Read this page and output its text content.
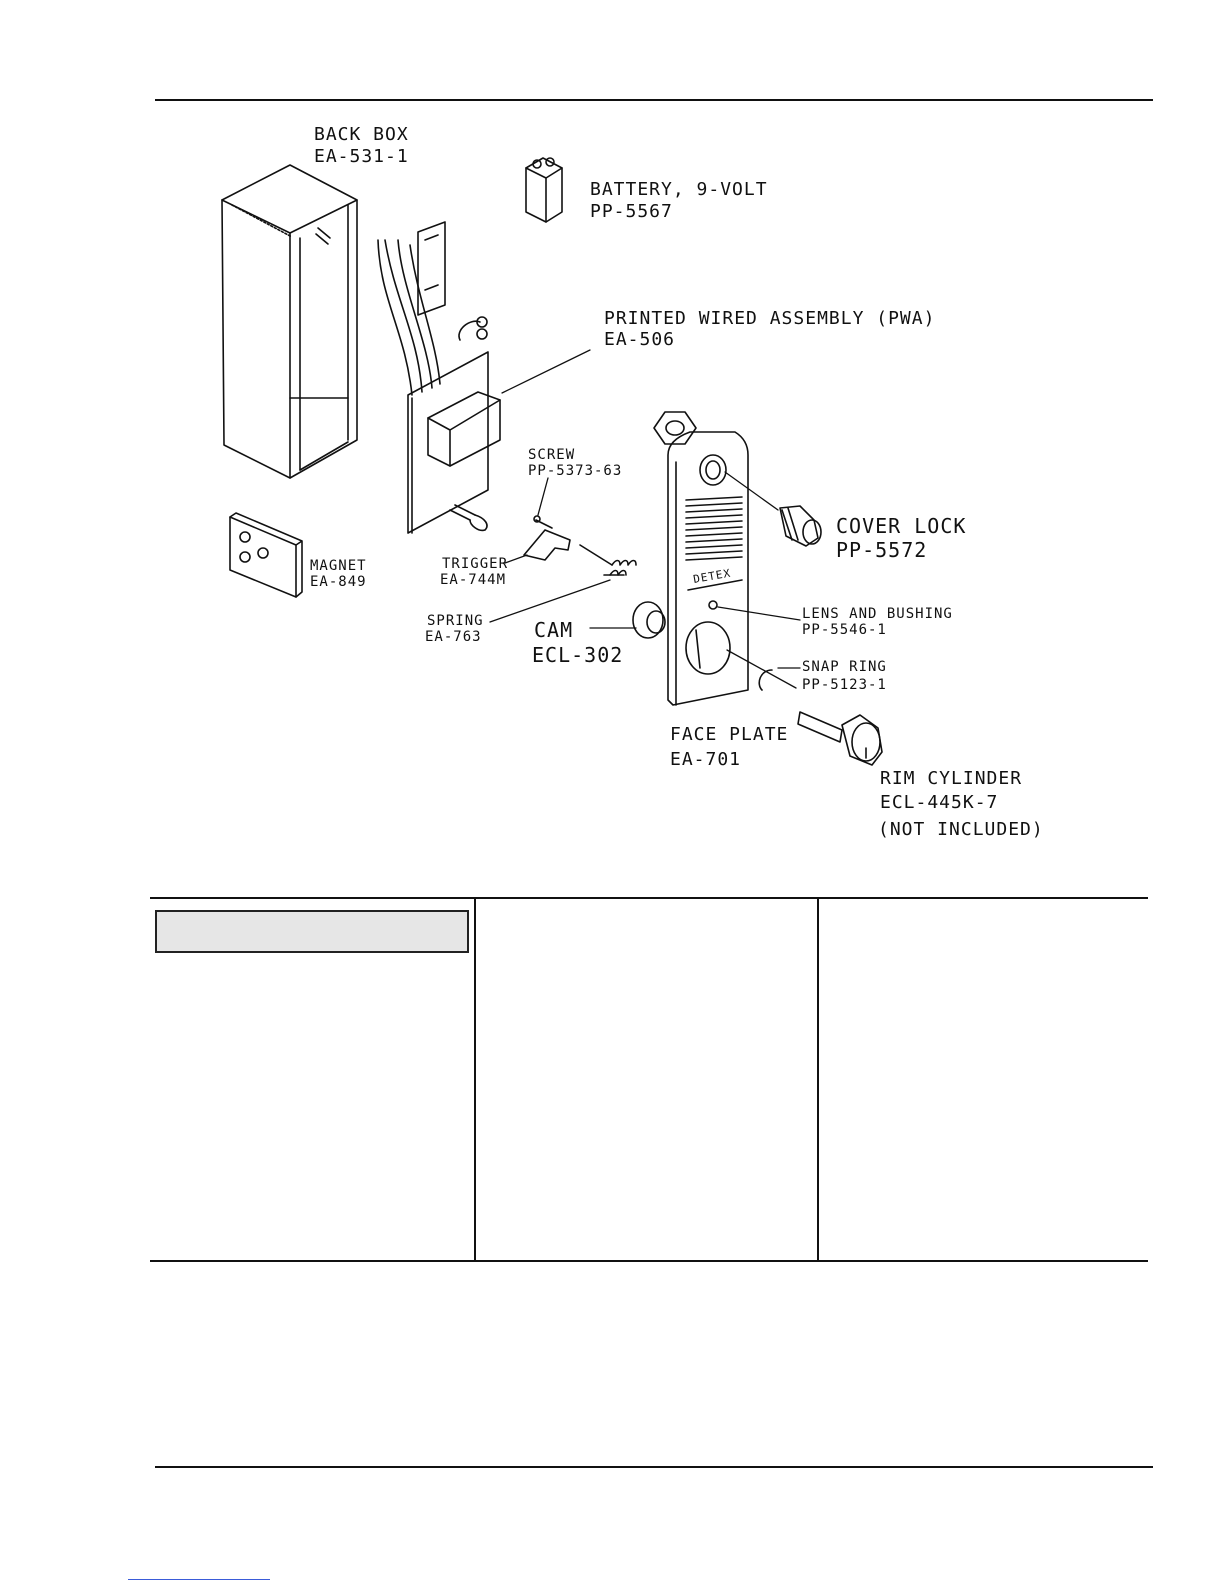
BACK BOX
EA-531-1
BATTERY, 9-VOLT
PP-5567
PRINTED WIRED ASSEMBLY (PWA)
EA-506
SCREW
PP-5373-63
COVER LOCK
PP-5572
MAGNET
EA-849
TRIGGER
EA-744M
SPRING
EA-763	CAM
ECL-302
LENS AND BUSHING
PP-5546-1
SNAP RING
PP-5123-1
FACE PLATE
EA-701
RIM CYLINDER
ECL-445K-7
(NOT INCLUDED)
DETEX
